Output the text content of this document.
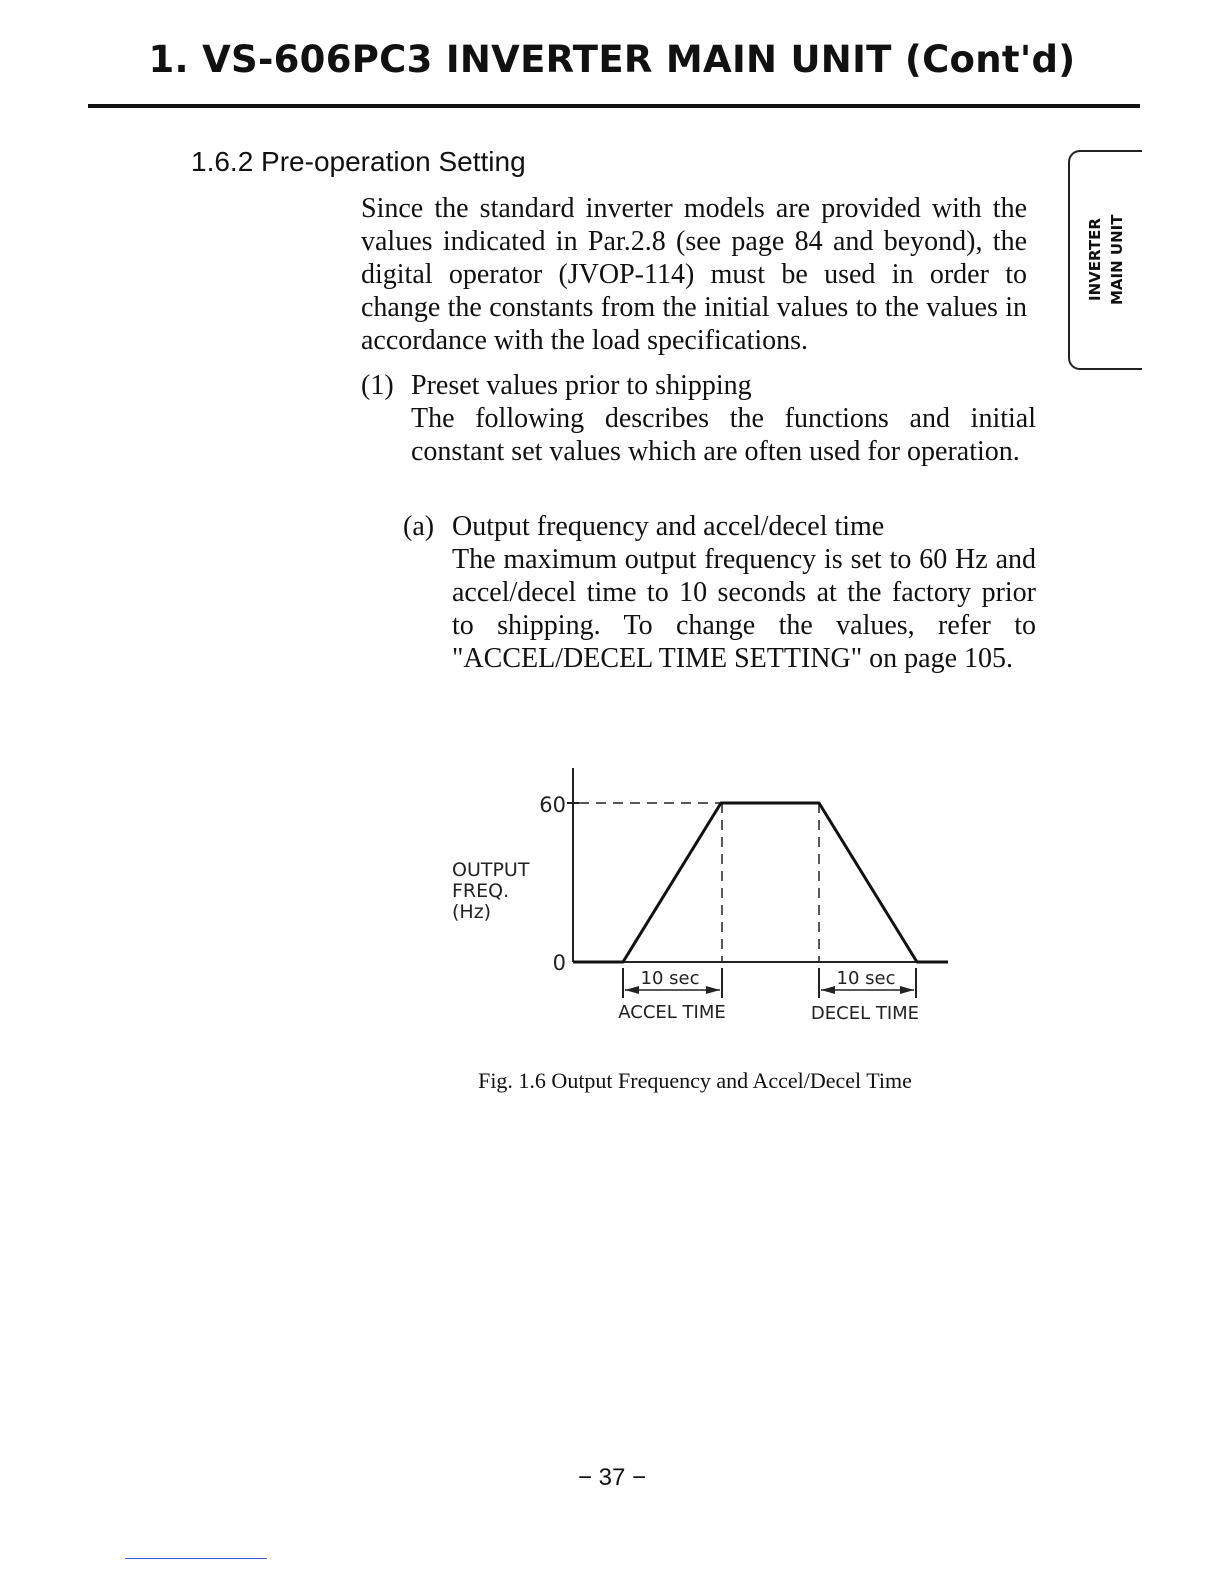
1. VS-606PC3 INVERTER MAIN UNIT (Cont'd)
INVERTER MAIN UNIT
1.6.2 Pre-operation Setting
Since the standard inverter models are provided with the values indicated in Par.2.8 (see page 84 and beyond), the digital operator (JVOP-114) must be used in order to change the constants from the initial values to the values in accordance with the load specifications.
(1) Preset values prior to shipping
The following describes the functions and initial constant set values which are often used for operation.
(a) Output frequency and accel/decel time
The maximum output frequency is set to 60 Hz and accel/decel time to 10 seconds at the factory prior to shipping. To change the values, refer to "ACCEL/DECEL TIME SETTING" on page 105.
OUTPUT
FREQ.
(Hz)
60
0
10 sec
ACCEL TIME
10 sec
DECEL TIME
Fig. 1.6 Output Frequency and Accel/Decel Time
− 37 −
